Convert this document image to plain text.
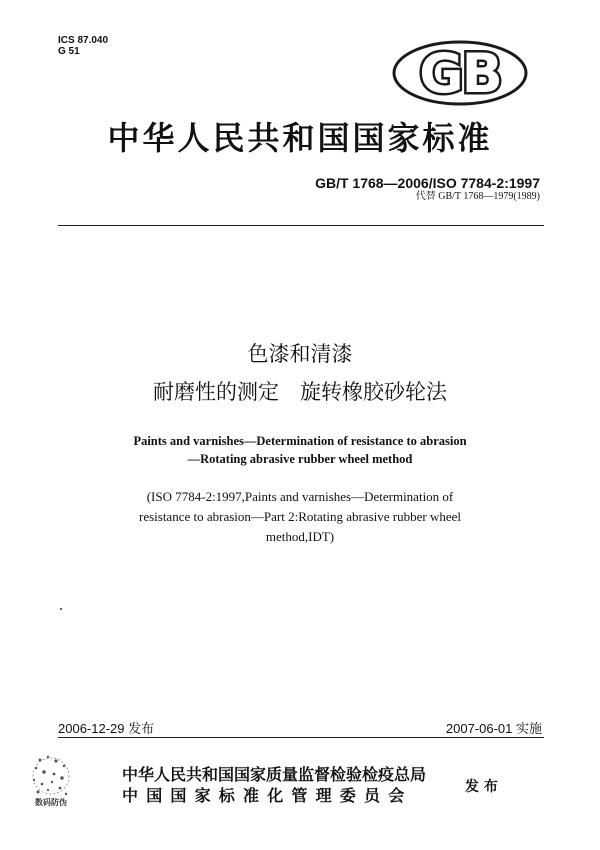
ICS 87.040
G 51	GB
中华人民共和国国家标准
GB/T 1768—2006/ISO 7784-2:1997
代替 GB/T 1768—1979(1989)
色漆和清漆
耐磨性的测定　旋转橡胶砂轮法
Paints and varnishes—Determination of resistance to abrasion
—Rotating abrasive rubber wheel method
(ISO 7784-2:1997,Paints and varnishes—Determination of
resistance to abrasion—Part 2:Rotating abrasive rubber wheel
method,IDT)
2006-12-29 发布	2007-06-01 实施
数码防伪
中华人民共和国国家质量监督检验检疫总局
中国国家标准化管理委员会	发 布
